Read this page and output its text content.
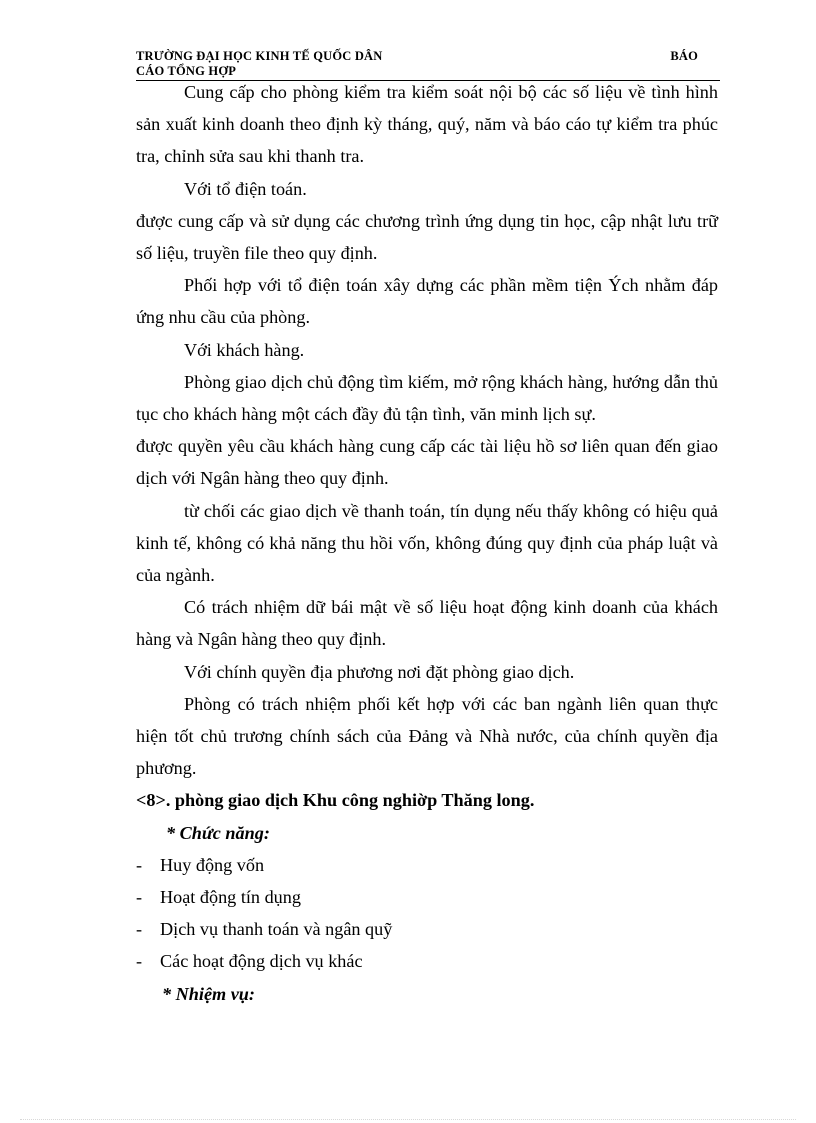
TRƯỜNG ĐẠI HỌC KINH TẾ QUỐC DÂN	BÁO
CÁO TỔNG HỢP

Cung cấp cho phòng kiểm tra kiểm soát nội bộ các số liệu về tình hình sản xuất kinh doanh theo định kỳ tháng, quý, năm và báo cáo tự kiểm tra phúc tra, chỉnh sửa sau khi thanh tra.

Với tổ điện toán.

được cung cấp và sử dụng các chương trình ứng dụng tin học, cập nhật lưu trữ số liệu, truyền file theo quy định.

Phối hợp với tổ điện toán xây dựng các phần mềm tiện Ých nhằm đáp ứng nhu cầu của phòng.

Với khách hàng.

Phòng giao dịch chủ động tìm kiếm, mở rộng khách hàng, hướng dẫn thủ tục cho khách hàng một cách đầy đủ tận tình, văn minh lịch sự.

được quyền yêu cầu khách hàng cung cấp các tài liệu hồ sơ liên quan đến giao dịch với Ngân hàng theo quy định.

từ chối các giao dịch về thanh toán, tín dụng nếu thấy không có hiệu quả kinh tế, không có khả năng thu hồi vốn, không đúng quy định của pháp luật và của ngành.

Có trách nhiệm dữ bái mật về số liệu hoạt động kinh doanh của khách hàng và Ngân hàng theo quy định.

Với chính quyền địa phương nơi đặt phòng giao dịch.

Phòng có trách nhiệm phối kết hợp với các ban ngành liên quan thực hiện tốt chủ trương chính sách của Đảng và Nhà nước, của chính quyền địa phương.

<8>. phòng giao dịch Khu công nghiờp Thăng long.

* Chức năng:

- Huy động vốn

- Hoạt động tín dụng

- Dịch vụ thanh toán và ngân quỹ

- Các hoạt động dịch vụ khác

* Nhiệm vụ:
